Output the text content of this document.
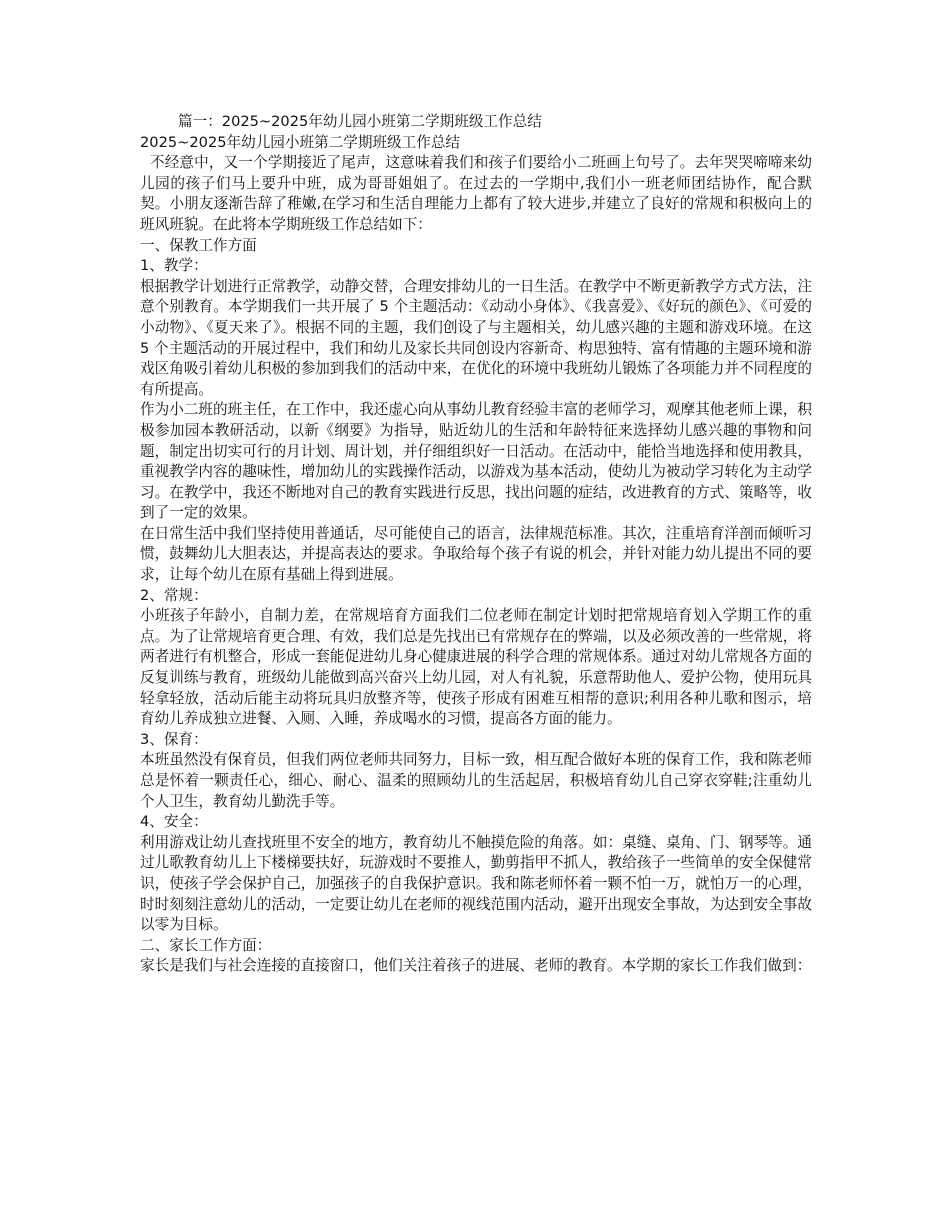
篇一：2025~2025年幼儿园小班第二学期班级工作总结

2025~2025年幼儿园小班第二学期班级工作总结

不经意中，又一个学期接近了尾声，这意味着我们和孩子们要给小二班画上句号了。去年哭哭啼啼来幼儿园的孩子们马上要升中班，成为哥哥姐姐了。在过去的一学期中,我们小一班老师团结协作，配合默契。小朋友逐渐告辞了稚嫩,在学习和生活自理能力上都有了较大进步,并建立了良好的常规和积极向上的班风班貌。在此将本学期班级工作总结如下：

一、保教工作方面

1、教学：

根据教学计划进行正常教学，动静交替，合理安排幼儿的一日生活。在教学中不断更新教学方式方法，注意个别教育。本学期我们一共开展了 5 个主题活动：《动动小身体》、《我喜爱》、《好玩的颜色》、《可爱的小动物》、《夏天来了》。根据不同的主题，我们创设了与主题相关，幼儿感兴趣的主题和游戏环境。在这 5 个主题活动的开展过程中，我们和幼儿及家长共同创设内容新奇、构思独特、富有情趣的主题环境和游戏区角吸引着幼儿积极的参加到我们的活动中来，在优化的环境中我班幼儿锻炼了各项能力并不同程度的有所提高。

作为小二班的班主任，在工作中，我还虚心向从事幼儿教育经验丰富的老师学习，观摩其他老师上课，积极参加园本教研活动，以新《纲要》为指导，贴近幼儿的生活和年龄特征来选择幼儿感兴趣的事物和问题，制定出切实可行的月计划、周计划，并仔细组织好一日活动。在活动中，能恰当地选择和使用教具，重视教学内容的趣味性，增加幼儿的实践操作活动，以游戏为基本活动，使幼儿为被动学习转化为主动学习。在教学中，我还不断地对自己的教育实践进行反思，找出问题的症结，改进教育的方式、策略等，收到了一定的效果。

在日常生活中我们坚持使用普通话，尽可能使自己的语言，法律规范标准。其次，注重培育洋剖而倾听习惯，鼓舞幼儿大胆表达，并提高表达的要求。争取给每个孩子有说的机会，并针对能力幼儿提出不同的要求，让每个幼儿在原有基础上得到进展。

2、常规：

小班孩子年龄小，自制力差，在常规培育方面我们二位老师在制定计划时把常规培育划入学期工作的重点。为了让常规培育更合理、有效，我们总是先找出已有常规存在的弊端，以及必须改善的一些常规，将两者进行有机整合，形成一套能促进幼儿身心健康进展的科学合理的常规体系。通过对幼儿常规各方面的反复训练与教育，班级幼儿能做到高兴奋兴上幼儿园，对人有礼貌，乐意帮助他人、爱护公物，使用玩具轻拿轻放，活动后能主动将玩具归放整齐等，使孩子形成有困难互相帮的意识;利用各种儿歌和图示，培育幼儿养成独立进餐、入厕、入睡，养成喝水的习惯，提高各方面的能力。

3、保育：

本班虽然没有保育员，但我们两位老师共同努力，目标一致，相互配合做好本班的保育工作，我和陈老师总是怀着一颗责任心，细心、耐心、温柔的照顾幼儿的生活起居，积极培育幼儿自己穿衣穿鞋;注重幼儿个人卫生，教育幼儿勤洗手等。

4、安全：

利用游戏让幼儿查找班里不安全的地方，教育幼儿不触摸危险的角落。如：桌缝、桌角、门、钢琴等。通过儿歌教育幼儿上下楼梯要扶好，玩游戏时不要推人，勤剪指甲不抓人，教给孩子一些简单的安全保健常识，使孩子学会保护自己，加强孩子的自我保护意识。我和陈老师怀着一颗不怕一万，就怕万一的心理，时时刻刻注意幼儿的活动，一定要让幼儿在老师的视线范围内活动，避开出现安全事故，为达到安全事故以零为目标。

二、家长工作方面：

家长是我们与社会连接的直接窗口，他们关注着孩子的进展、老师的教育。本学期的家长工作我们做到：
